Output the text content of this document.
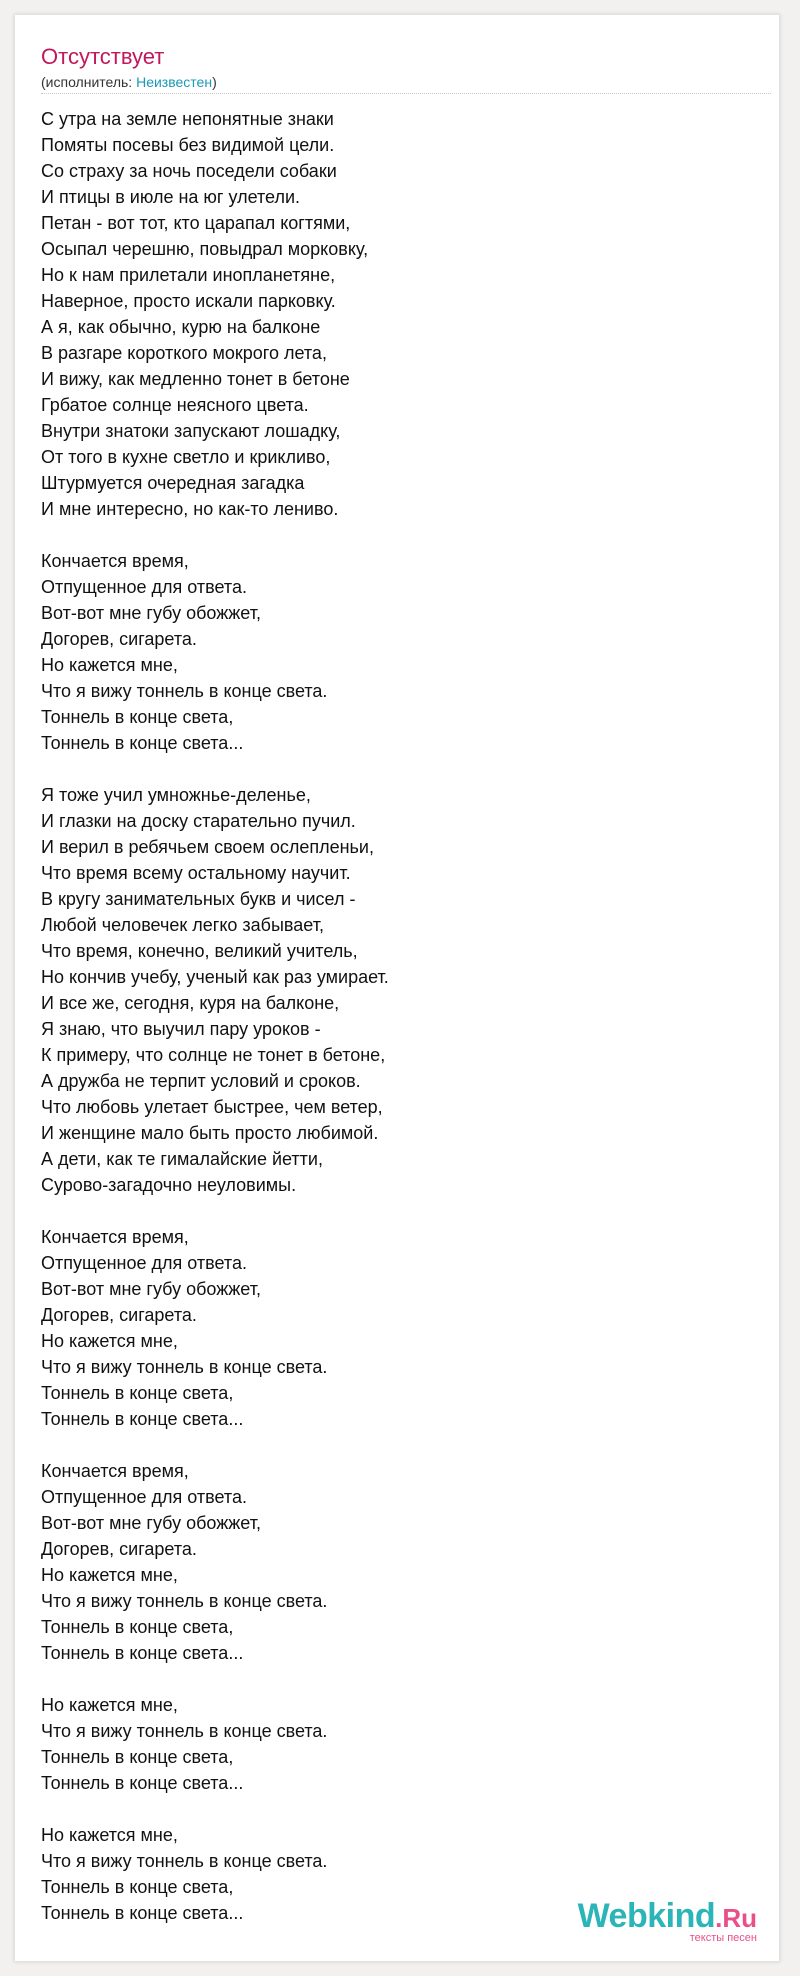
Отсутствует
(исполнитель: Неизвестен)
С утра на земле непонятные знаки
Помяты посевы без видимой цели.
Со страху за ночь поседели собаки
И птицы в июле на юг улетели.
Петан - вот тот, кто царапал когтями,
Осыпал черешню, повыдрал морковку,
Но к нам прилетали инопланетяне,
Наверное, просто искали парковку.
А я, как обычно, курю на балконе
В разгаре короткого мокрого лета,
И вижу, как медленно тонет в бетоне
Грбатое солнце неясного цвета.
Внутри знатоки запускают лошадку,
От того в кухне светло и крикливо,
Штурмуется очередная загадка
И мне интересно, но как-то лениво.
Кончается время,
Отпущенное для ответа.
Вот-вот мне губу обожжет,
Догорев, сигарета.
Но кажется мне,
Что я вижу тоннель в конце света.
Тоннель в конце света,
Тоннель в конце света...
Я тоже учил умножнье-деленье,
И глазки на доску старательно пучил.
И верил в ребячьем своем ослепленьи,
Что время всему остальному научит.
В кругу занимательных букв и чисел -
Любой человечек легко забывает,
Что время, конечно, великий учитель,
Но кончив учебу, ученый как раз умирает.
И все же, сегодня, куря на балконе,
Я знаю, что выучил пару уроков -
К примеру, что солнце не тонет в бетоне,
А дружба не терпит условий и сроков.
Что любовь улетает быстрее, чем ветер,
И женщине мало быть просто любимой.
А дети, как те гималайские йетти,
Сурово-загадочно неуловимы.
Кончается время,
Отпущенное для ответа.
Вот-вот мне губу обожжет,
Догорев, сигарета.
Но кажется мне,
Что я вижу тоннель в конце света.
Тоннель в конце света,
Тоннель в конце света...
Кончается время,
Отпущенное для ответа.
Вот-вот мне губу обожжет,
Догорев, сигарета.
Но кажется мне,
Что я вижу тоннель в конце света.
Тоннель в конце света,
Тоннель в конце света...
Но кажется мне,
Что я вижу тоннель в конце света.
Тоннель в конце света,
Тоннель в конце света...
Но кажется мне,
Что я вижу тоннель в конце света.
Тоннель в конце света,
Тоннель в конце света...	Webkind.Ru
тексты песен
